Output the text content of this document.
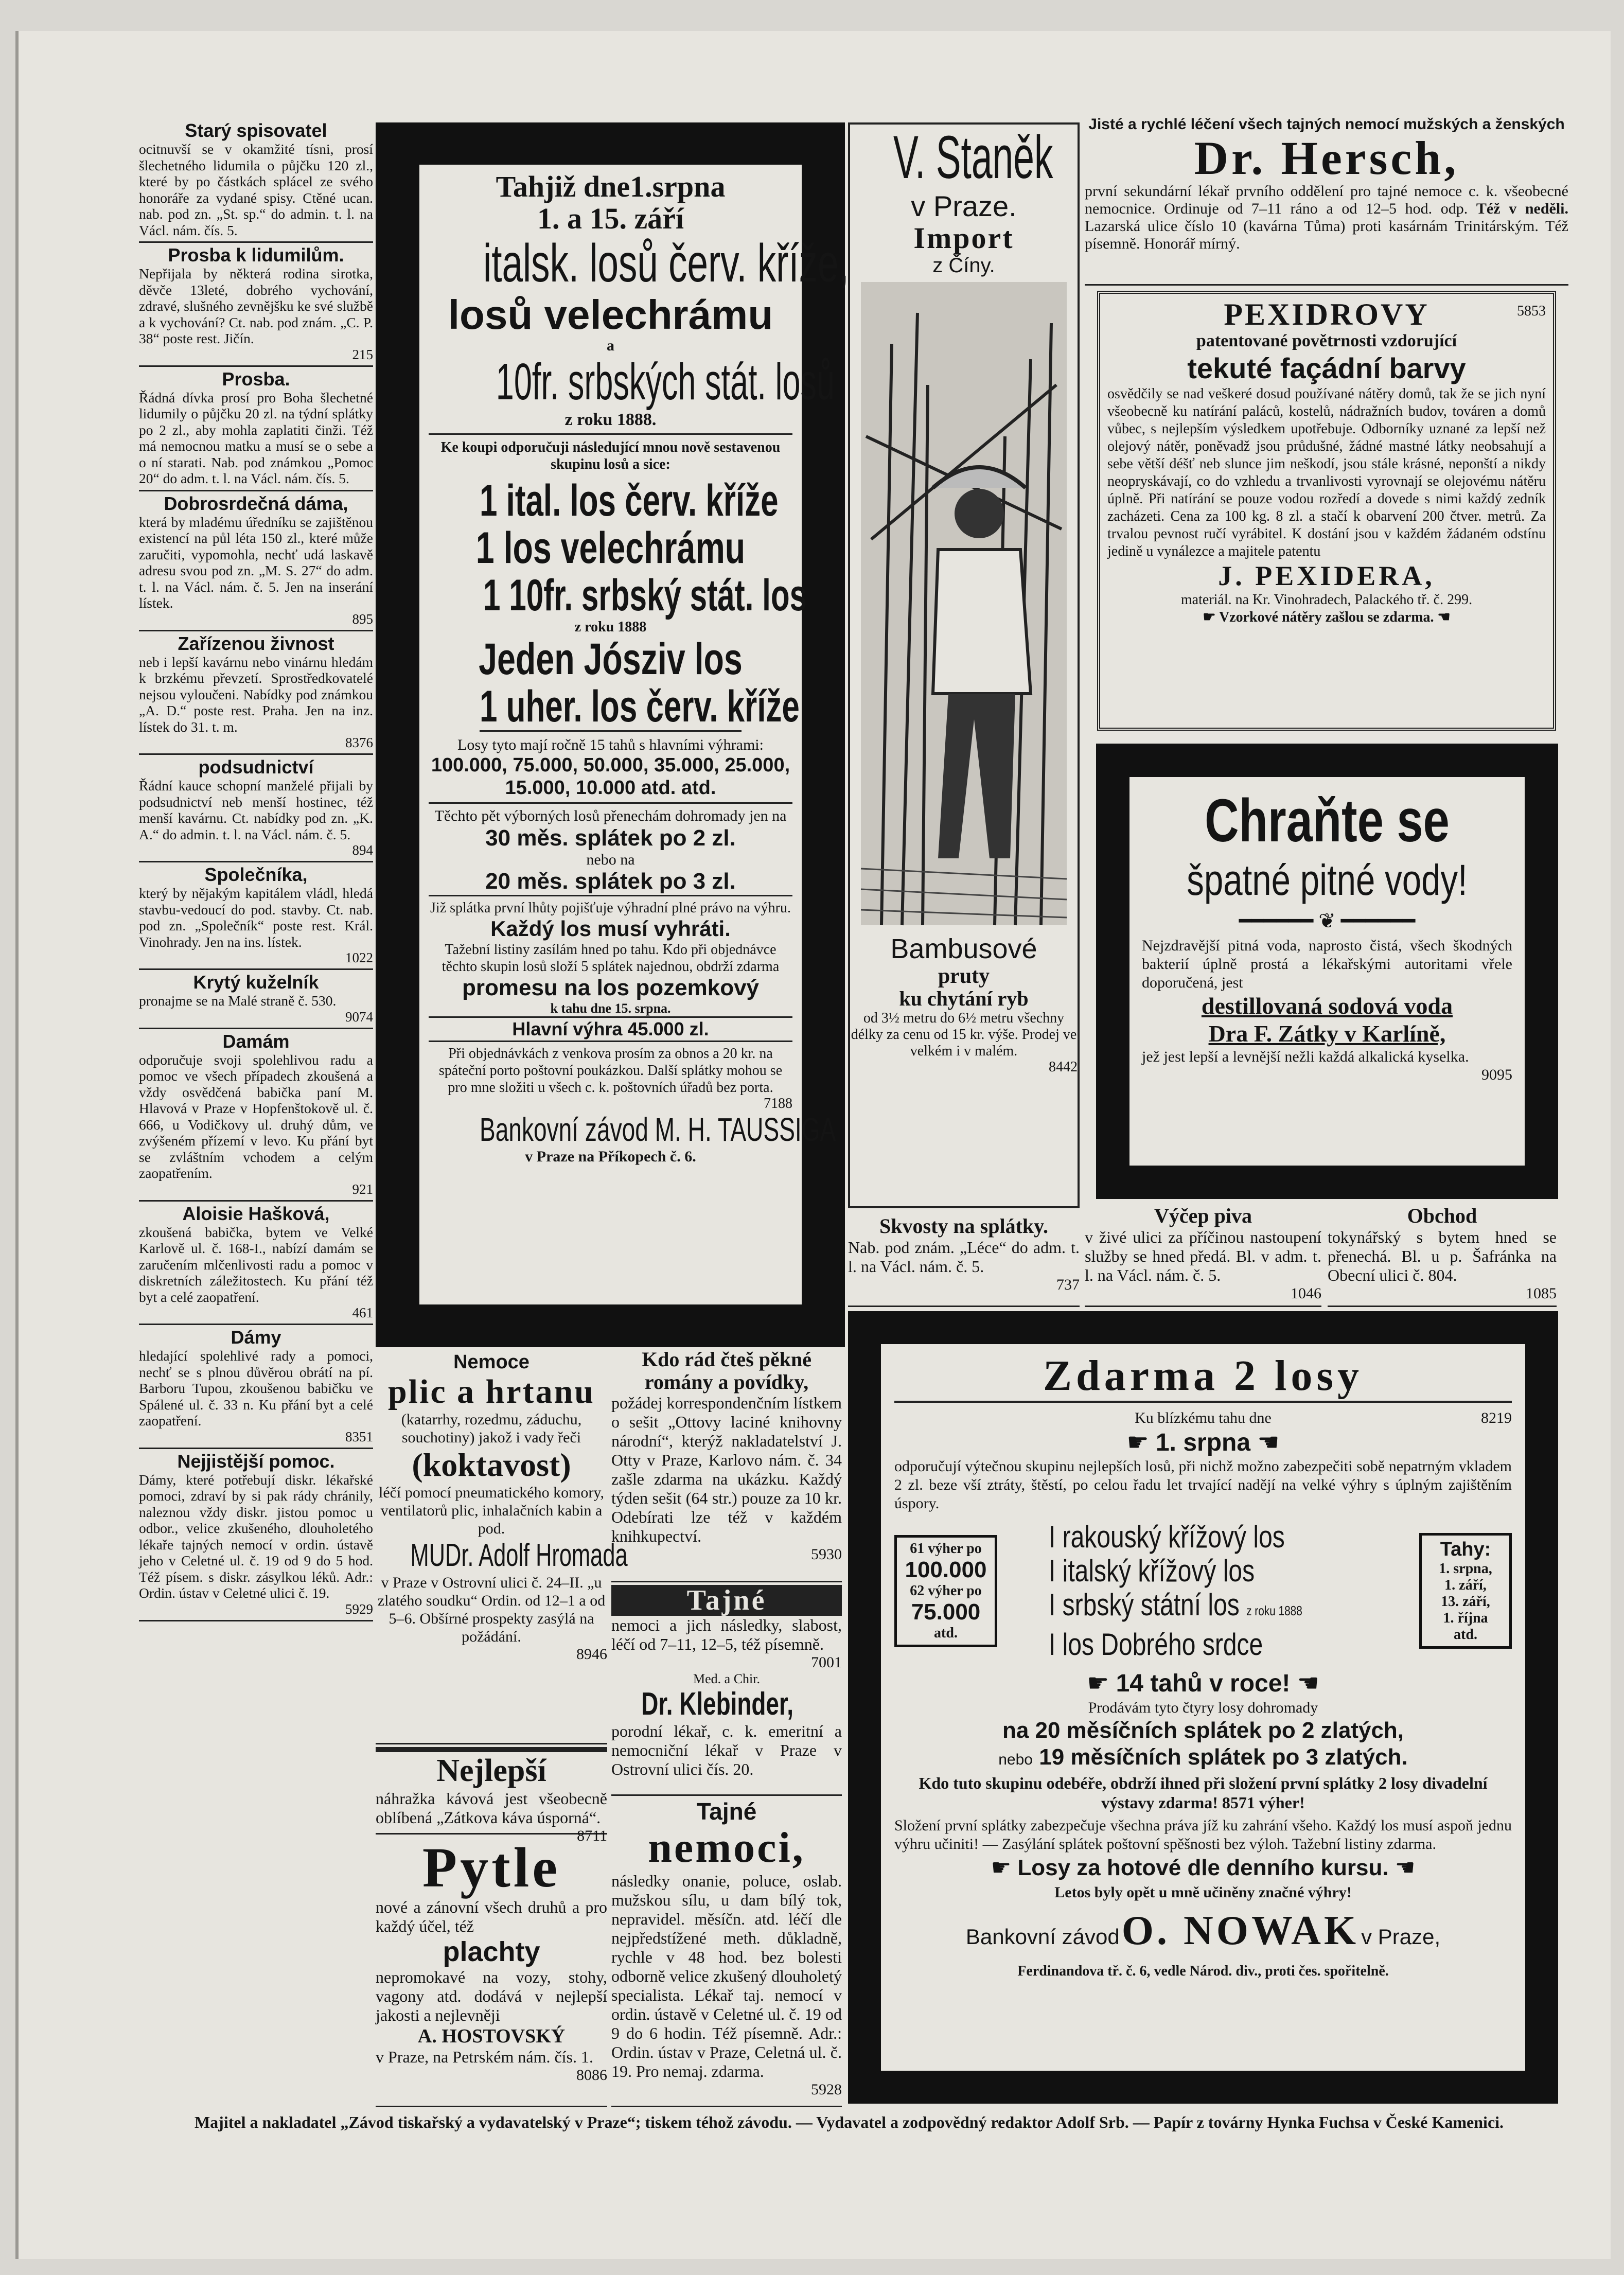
Starý spisovatel
ocitnuvší se v okamžité tísni, prosí šlechetného lidumila o půjčku 120 zl., které by po částkách splácel ze svého honoráře za vydané spisy. Ctěné ucan. nab. pod zn. „St. sp.“ do admin. t. l. na Václ. nám. čís. 5.
Prosba k lidumilům.
Nepřijala by některá rodina sirotka, děvče 13leté, dobrého vychování, zdravé, slušného zevnějšku ke své službě a k vychování? Ct. nab. pod znám. „C. P. 38“ poste rest. Jičín.
215
Prosba.
Řádná dívka prosí pro Boha šlechetné lidumily o půjčku 20 zl. na týdní splátky po 2 zl., aby mohla zaplatiti činži. Též má nemocnou matku a musí se o sebe a o ní starati. Nab. pod známkou „Pomoc 20“ do adm. t. l. na Václ. nám. čís. 5.
Dobrosrdečná dáma,
která by mladému úředníku se zajištěnou existencí na půl léta 150 zl., které může zaručiti, vypomohla, nechť udá laskavě adresu svou pod zn. „M. S. 27“ do adm. t. l. na Václ. nám. č. 5. Jen na inserání lístek.
895
Zařízenou živnost
neb i lepší kavárnu nebo vinárnu hledám k brzkému převzetí. Sprostředkovatelé nejsou vyloučeni. Nabídky pod známkou „A. D.“ poste rest. Praha. Jen na inz. lístek do 31. t. m.
8376
podsudnictví
Řádní kauce schopní manželé přijali by podsudnictví neb menší hostinec, též menší kavárnu. Ct. nabídky pod zn. „K. A.“ do admin. t. l. na Václ. nám. č. 5.
894
Společníka,
který by nějakým kapitálem vládl, hledá stavbu-vedoucí do pod. stavby. Ct. nab. pod zn. „Společník“ poste rest. Král. Vinohrady. Jen na ins. lístek.
1022
Krytý kuželník
pronajme se na Malé straně č. 530.
9074
Damám
odporučuje svoji spolehlivou radu a pomoc ve všech případech zkoušená a vždy osvědčená babička paní M. Hlavová v Praze v Hopfenštokově ul. č. 666, u Vodičkovy ul. druhý dům, ve zvýšeném přízemí v levo. Ku přání byt se zvláštním vchodem a celým zaopatřením.
921
Aloisie Hašková,
zkoušená babička, bytem ve Velké Karlově ul. č. 168-I., nabízí damám se zaručením mlčenlivosti radu a pomoc v diskretních záležitostech. Ku přání též byt a celé zaopatření.
461
Dámy
hledající spolehlivé rady a pomoci, nechť se s plnou důvěrou obrátí na pí. Barboru Tupou, zkoušenou babičku ve Spálené ul. č. 33 n. Ku přání byt a celé zaopatření.
8351
Nejjistější pomoc.
Dámy, které potřebují diskr. lékařské pomoci, zdraví by si pak rády chránily, naleznou vždy diskr. jistou pomoc u odbor., velice zkušeného, dlouholetého lékaře tajných nemocí v ordin. ústavě jeho v Celetné ul. č. 19 od 9 do 5 hod. Též písem. s diskr. zásylkou léků. Adr.: Ordin. ústav v Celetné ulici č. 19.
5929
Tahjiž dne1.srpna
1. a 15. září
italsk. losů červ. kříže,
losů velechrámu
a
10fr. srbských stát. losů
z roku 1888.
Ke koupi odporučuji následující mnou nově sestavenou skupinu losů a sice:
1 ital. los červ. kříže
1 los velechrámu
1 10fr. srbský stát. los
z roku 1888
Jeden Jósziv los
1 uher. los červ. kříže
Losy tyto mají ročně 15 tahů s hlavními výhrami:
100.000, 75.000, 50.000, 35.000, 25.000, 15.000, 10.000 atd. atd.
Těchto pět výborných losů přenechám dohromady jen na
30 měs. splátek po 2 zl.
nebo na
20 měs. splátek po 3 zl.
Již splátka první lhůty pojišťuje výhradní plné právo na výhru.
Každý los musí vyhráti.
Tažební listiny zasílám hned po tahu. Kdo při objednávce těchto skupin losů složí 5 splátek najednou, obdrží zdarma
promesu na los pozemkový
k tahu dne 15. srpna.
Hlavní výhra 45.000 zl.
Při objednávkách z venkova prosím za obnos a 20 kr. na spáteční porto poštovní poukázkou. Další splátky mohou se pro mne složiti u všech c. k. poštovních úřadů bez porta.
7188
Bankovní závod M. H. TAUSSIGA
v Praze na Příkopech č. 6.
V. Staněk
v Praze.
Import
z Číny.
Bambusové
pruty
ku chytání ryb
od 3½ metru do 6½ metru všechny délky za cenu od 15 kr. výše. Prodej ve velkém i v malém.
8442
Jisté a rychlé léčení všech tajných nemocí mužských a ženských
Dr. Hersch,
první sekundární lékař prvního oddělení pro tajné nemoce c. k. všeobecné nemocnice. Ordinuje od 7–11 ráno a od 12–5 hod. odp. Též v neděli. Lazarská ulice číslo 10 (kavárna Tůma) proti kasárnám Trinitárským. Též písemně. Honorář mírný.
PEXIDROVY	5853
patentované povětrnosti vzdorující
tekuté façádní barvy
osvědčily se nad veškeré dosud používané nátěry domů, tak že se jich nyní všeobecně ku natírání paláců, kostelů, nádražních budov, továren a domů vůbec, s nejlepším výsledkem upotřebuje. Odborníky uznané za lepší než olejový nátěr, poněvadž jsou průdušné, žádné mastné látky neobsahují a sebe větší déšť neb slunce jim neškodí, jsou stále krásné, neponští a nikdy neopryskávají, co do vzhledu a trvanlivosti vyrovnají se olejovému nátěru úplně. Při natírání se pouze vodou rozředí a dovede s nimi každý zedník zacházeti. Cena za 100 kg. 8 zl. a stačí k obarvení 200 čtver. metrů. Za trvalou pevnost ručí vyrábitel. K dostání jsou v každém žádaném odstínu jedině u vynálezce a majitele patentu
J. PEXIDERA,
materiál. na Kr. Vinohradech, Palackého tř. č. 299.
☛ Vzorkové nátěry zašlou se zdarma. ☚
Chraňte se
špatné pitné vody!
━━━━━━ ❦ ━━━━━━
Nejzdravější pitná voda, naprosto čistá, všech škodných bakterií úplně prostá a lékařskými autoritami vřele doporučená, jest
destillovaná sodová voda
Dra F. Zátky v Karlíně,
jež jest lepší a levnější nežli každá alkalická kyselka.
9095
Skvosty na splátky.
Nab. pod znám. „Léce“ do adm. t. l. na Václ. nám. č. 5.
737
Výčep piva
v živé ulici za příčinou nastoupení služby se hned předá. Bl. v adm. t. l. na Václ. nám. č. 5.
1046
Obchod
tokynářský s bytem hned se přenechá. Bl. u p. Šafránka na Obecní ulici č. 804.
1085
Nemoce
plic a hrtanu
(katarrhy, rozedmu, záduchu, souchotiny) jakož i vady řeči
(koktavost)
léčí pomocí pneumatického komory, ventilatorů plic, inhalačních kabin a pod.
MUDr. Adolf Hromada
v Praze v Ostrovní ulici č. 24–II. „u zlatého soudku“ Ordin. od 12–1 a od 5–6. Obšírné prospekty zasýlá na požádání.
8946
Kdo rád čteš pěkné romány a povídky,
požádej korrespondenčním lístkem o sešit „Ottovy laciné knihovny národní“, kterýž nakladatelství J. Otty v Praze, Karlovo nám. č. 34 zašle zdarma na ukázku. Každý týden sešit (64 str.) pouze za 10 kr. Odebírati lze též v každém knihkupectví.
5930
Tajné
nemoci a jich následky, slabost, léčí od 7–11, 12–5, též písemně.
7001
Med. a Chir.
Dr. Klebinder,
porodní lékař, c. k. emeritní a nemocniční lékař v Praze v Ostrovní ulici čís. 20.
Nejlepší
náhražka kávová jest všeobecně oblíbená „Zátkova káva úsporná“.
8711
Pytle
nové a zánovní všech druhů a pro každý účel, též
plachty
nepromokavé na vozy, stohy, vagony atd. dodává v nejlepší jakosti a nejlevněji
A. HOSTOVSKÝ
v Praze, na Petrském nám. čís. 1.
8086
Tajné
nemoci,
následky onanie, poluce, oslab. mužskou sílu, u dam bílý tok, nepravidel. měsíčn. atd. léčí dle nejpředstížené meth. důkladně, rychle v 48 hod. bez bolesti odborně velice zkušený dlouholetý specialista. Lékař taj. nemocí v ordin. ústavě v Celetné ul. č. 19 od 9 do 6 hodin. Též písemně. Adr.: Ordin. ústav v Praze, Celetná ul. č. 19. Pro nemaj. zdarma.
5928
Zdarma 2 losy
Ku blízkému tahu dne	8219
☛ 1. srpna ☚
odporučují výtečnou skupinu nejlepších losů, při nichž možno zabezpečiti sobě nepatrným vkladem 2 zl. beze vší ztráty, štěstí, po celou řadu let trvající nadějí na velké výhry s úplným zajištěním úspory.
61 výher po
100.000
62 výher po
75.000
atd.
I rakouský křížový los
I italský křížový los
I srbský státní los z roku 1888
I los Dobrého srdce
Tahy:
1. srpna,
1. září,
13. září,
1. října
atd.
☛ 14 tahů v roce! ☚
Prodávám tyto čtyry losy dohromady
na 20 měsíčních splátek po 2 zlatých,
nebo 19 měsíčních splátek po 3 zlatých.
Kdo tuto skupinu odebéře, obdrží ihned při složení první splátky 2 losy divadelní výstavy zdarma! 8571 výher!
Složení první splátky zabezpečuje všechna práva jíž ku zahrání všeho. Každý los musí aspoň jednu výhru učiniti! — Zasýlání splátek poštovní spěšnosti bez výloh. Tažební listiny zdarma.
☛ Losy za hotové dle denního kursu. ☚
Letos byly opět u mně učiněny značné výhry!
Bankovní závod O. NOWAK v Praze,
Ferdinandova tř. č. 6, vedle Národ. div., proti čes. spořitelně.
Majitel a nakladatel „Závod tiskařský a vydavatelský v Praze“; tiskem téhož závodu. — Vydavatel a zodpovědný redaktor Adolf Srb. — Papír z továrny Hynka Fuchsa v České Kamenici.
